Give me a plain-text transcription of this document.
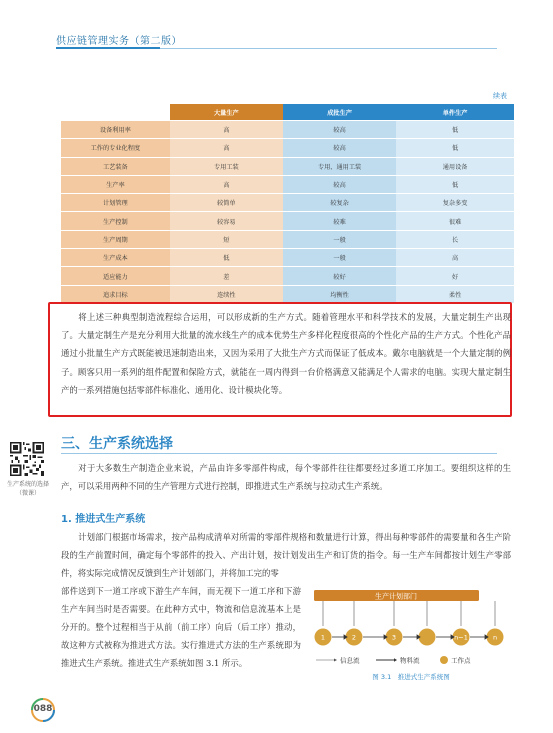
供应链管理实务（第二版）
续表
	大量生产	成批生产	单件生产
设备利用率	高	较高	低
工作的专业化程度	高	较高	低
工艺装备	专用工装	专用、通用工装	通用设备
生产率	高	较高	低
计划管理	较简单	较复杂	复杂多变
生产控制	较容易	较难	很难
生产周期	短	一般	长
生产成本	低	一般	高
适应能力	差	较好	好
追求目标	连续性	均衡性	柔性
将上述三种典型制造流程综合运用，可以形成新的生产方式。随着管理水平和科学技术的发展，大量定制生产出现了。大量定制生产是充分利用大批量的流水线生产的成本优势生产多样化程度很高的个性化产品的生产方式。个性化产品通过小批量生产方式既能被迅速制造出来，又因为采用了大批生产方式而保证了低成本。戴尔电脑就是一个大量定制的例子。顾客只用一系列的组件配置和保险方式，就能在一周内得到一台价格满意又能满足个人需求的电脑。实现大量定制生产的一系列措施包括零部件标准化、通用化、设计模块化等。
生产系统的选择（微课）
三、生产系统选择
对于大多数生产制造企业来说，产品由许多零部件构成，每个零部件往往都要经过多道工序加工。要组织这样的生产，可以采用两种不同的生产管理方式进行控制，即推进式生产系统与拉动式生产系统。
1. 推进式生产系统
计划部门根据市场需求，按产品构成清单对所需的零部件规格和数量进行计算，得出每种零部件的需要量和各生产阶段的生产前置时间，确定每个零部件的投入、产出计划，按计划发出生产和订货的指令。每一生产车间都按计划生产零部件，将实际完成情况反馈到生产计划部门，并将加工完的零
部件送到下一道工序或下游生产车间，而无视下一道工序和下游生产车间当时是否需要。在此种方式中，物流和信息流基本上是分开的。整个过程相当于从前（前工序）向后（后工序）推动，故这种方式被称为推进式方法。实行推进式方法的生产系统即为推进式生产系统。推进式生产系统如图 3.1 所示。
生产计划部门
1	2	3	n−1	n
信息流	物料流	工作点
图 3.1　推进式生产系统图
088
